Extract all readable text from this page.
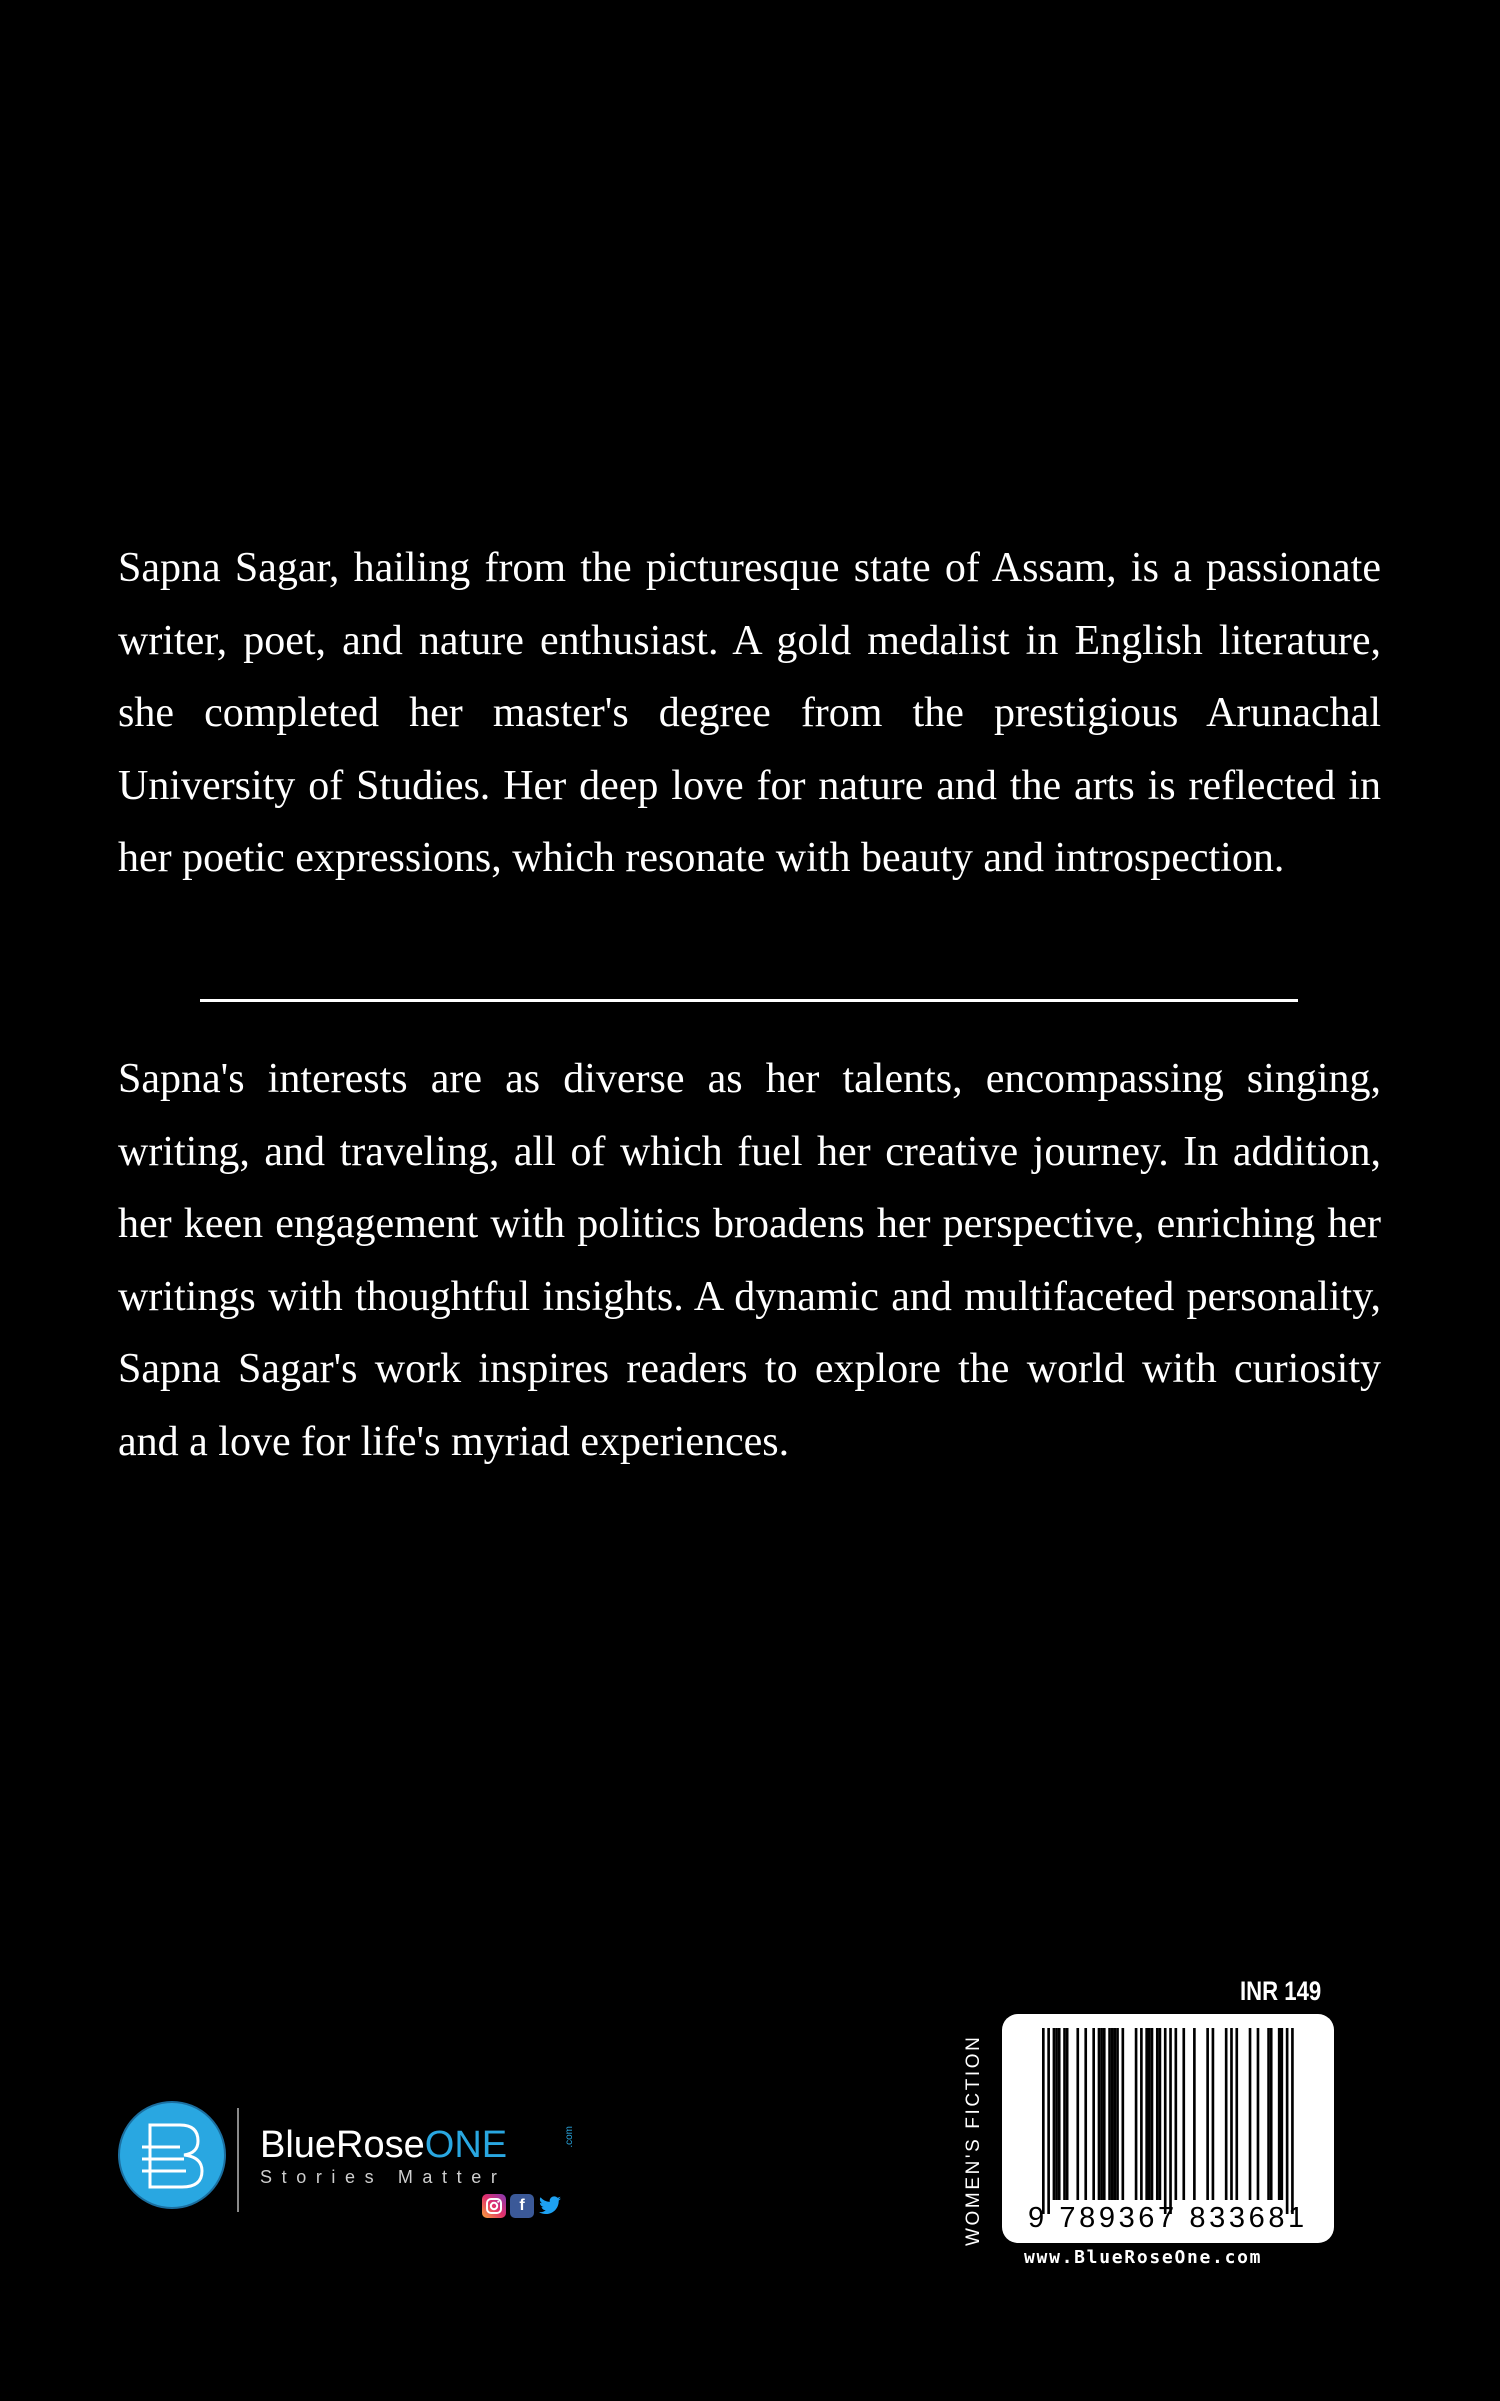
Sapna Sagar, hailing from the picturesque state of Assam, is a passionate writer, poet, and nature enthusiast. A gold medalist in English literature, she completed her master's degree from the prestigious Arunachal University of Studies. Her deep love for nature and the arts is reflected in her poetic expressions, which resonate with beauty and introspection.

Sapna's interests are as diverse as her talents, encompassing singing, writing, and traveling, all of which fuel her creative journey. In addition, her keen engagement with politics broadens her perspective, enriching her writings with thoughtful insights. A dynamic and multifaceted personality, Sapna Sagar's work inspires readers to explore the world with curiosity and a love for life's myriad experiences.

BlueRoseONE	.com
Stories Matter
f	WOMEN'S FICTION
INR 149
9 789367 833681
www.BlueRoseOne.com
